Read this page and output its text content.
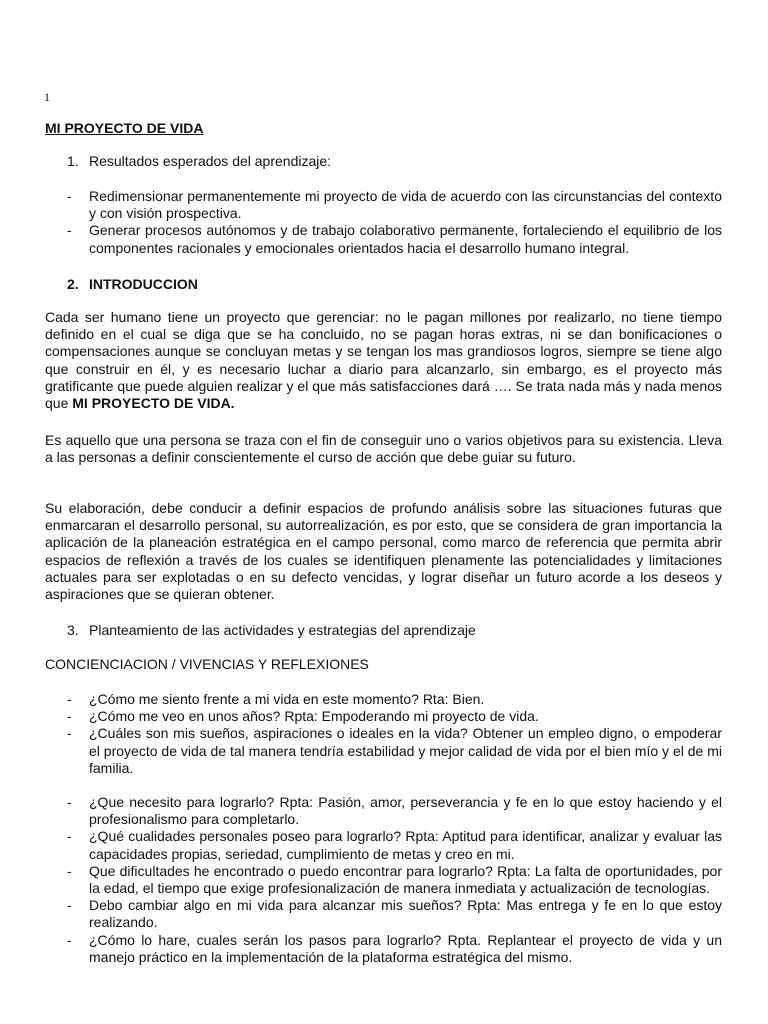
1
MI PROYECTO DE VIDA
1. Resultados esperados del aprendizaje:
- Redimensionar permanentemente mi proyecto de vida de acuerdo con las circunstancias del contexto y con visión prospectiva.
- Generar procesos autónomos y de trabajo colaborativo permanente, fortaleciendo el equilibrio de los componentes racionales y emocionales orientados hacia el desarrollo humano integral.
2. INTRODUCCION

Cada ser humano tiene un proyecto que gerenciar: no le pagan millones por realizarlo, no tiene tiempo definido en el cual se diga que se ha concluido, no se pagan horas extras, ni se dan bonificaciones o compensaciones aunque se concluyan metas y se tengan los mas grandiosos logros, siempre se tiene algo que construir en él, y es necesario luchar a diario para alcanzarlo, sin embargo, es el proyecto más gratificante que puede alguien realizar y el que más satisfacciones dará …. Se trata nada más y nada menos que MI PROYECTO DE VIDA.

Es aquello que una persona se traza con el fin de conseguir uno o varios objetivos para su existencia. Lleva a las personas a definir conscientemente el curso de acción que debe guiar su futuro.

Su elaboración, debe conducir a definir espacios de profundo análisis sobre las situaciones futuras que enmarcaran el desarrollo personal, su autorrealización, es por esto, que se considera de gran importancia la aplicación de la planeación estratégica en el campo personal, como marco de referencia que permita abrir espacios de reflexión a través de los cuales se identifiquen plenamente las potencialidades y limitaciones actuales para ser explotadas o en su defecto vencidas, y lograr diseñar un futuro acorde a los deseos y aspiraciones que se quieran obtener.

3. Planteamiento de las actividades y estrategias del aprendizaje
CONCIENCIACION / VIVENCIAS Y REFLEXIONES
- ¿Cómo me siento frente a mi vida en este momento? Rta: Bien.
- ¿Cómo me veo en unos años? Rpta: Empoderando mi proyecto de vida.
- ¿Cuáles son mis sueños, aspiraciones o ideales en la vida? Obtener un empleo digno, o empoderar el proyecto de vida de tal manera tendría estabilidad y mejor calidad de vida por el bien mío y el de mi familia.
- ¿Que necesito para lograrlo? Rpta: Pasión, amor, perseverancia y fe en lo que estoy haciendo y el profesionalismo para completarlo.
- ¿Qué cualidades personales poseo para lograrlo? Rpta: Aptitud para identificar, analizar y evaluar las capacidades propias, seriedad, cumplimiento de metas y creo en mi.
- Que dificultades he encontrado o puedo encontrar para lograrlo? Rpta: La falta de oportunidades, por la edad, el tiempo que exige profesionalización de manera inmediata y actualización de tecnologías.
- Debo cambiar algo en mi vida para alcanzar mis sueños? Rpta: Mas entrega y fe en lo que estoy realizando.
- ¿Cómo lo hare, cuales serán los pasos para lograrlo? Rpta. Replantear el proyecto de vida y un manejo práctico en la implementación de la plataforma estratégica del mismo.
